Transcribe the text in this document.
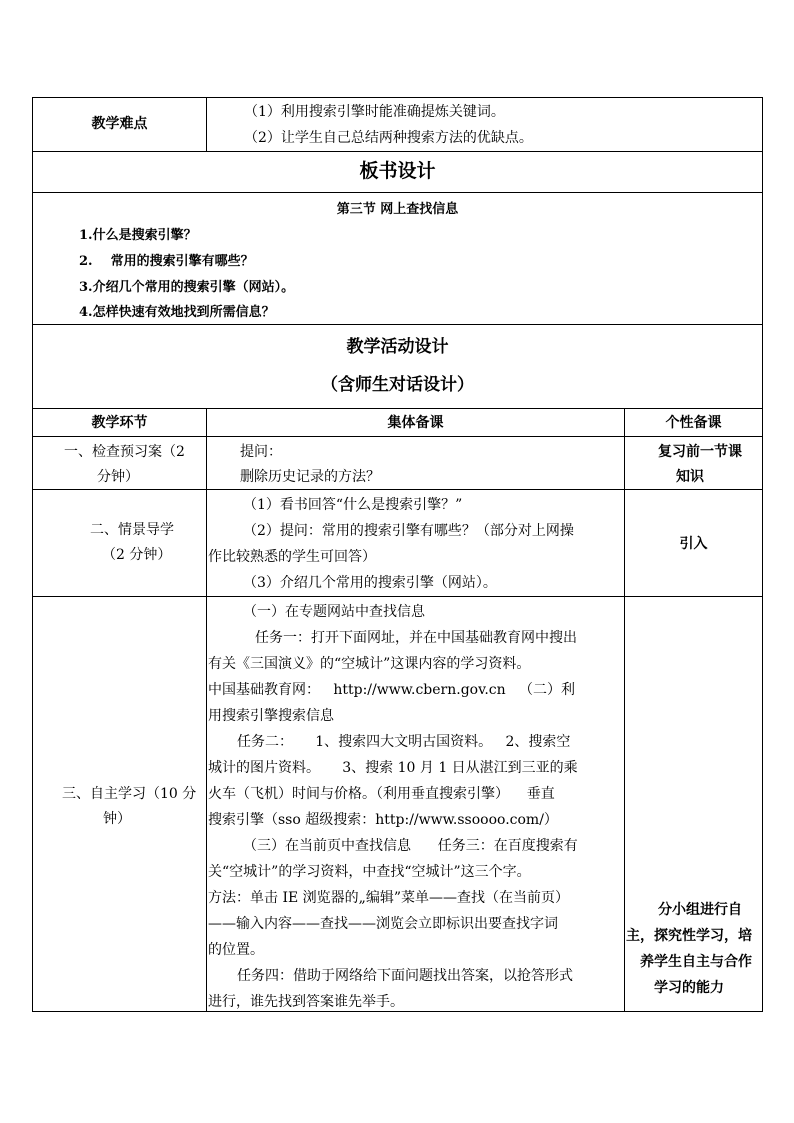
教学难点
（1）利用搜索引擎时能准确提炼关键词。
（2）让学生自己总结两种搜索方法的优缺点。
板书设计
第三节 网上查找信息
1.什么是搜索引擎？
2.    常用的搜索引擎有哪些？
3.介绍几个常用的搜索引擎（网站）。
4.怎样快速有效地找到所需信息？
教学活动设计
（含师生对话设计）
教学环节	集体备课	个性备课
一、检查预习案（2
分钟）
提问：
删除历史记录的方法？
复习前一节课
知识
二、情景导学
（2 分钟）
（1）看书回答“什么是搜索引擎？”
（2）提问：常用的搜索引擎有哪些？（部分对上网操
作比较熟悉的学生可回答）
（3）介绍几个常用的搜索引擎（网站）。
引入
三、自主学习（10 分
钟）
（一）在专题网站中查找信息
任务一：打开下面网址，并在中国基础教育网中搜出
有关《三国演义》的“空城计”这课内容的学习资料。
中国基础教育网：   http://www.cbern.gov.cn   （二）利
用搜索引擎搜索信息
任务二：     1、搜索四大文明古国资料。   2、搜索空
城计的图片资料。     3、搜索 10 月 1 日从湛江到三亚的乘
火车（飞机）时间与价格。（利用垂直搜索引擎）    垂直
搜索引擎（sso 超级搜索：http://www.ssoooo.com/）
（三）在当前页中查找信息      任务三：在百度搜索有
关“空城计”的学习资料，中查找“空城计”这三个字。
方法：单击 IE 浏览器的„编辑”菜单——查找（在当前页）
——输入内容——查找——浏览会立即标识出要查找字词
的位置。
任务四：借助于网络给下面问题找出答案，以抢答形式
进行，谁先找到答案谁先举手。
分小组进行自
主，探究性学习，培
养学生自主与合作
学习的能力
